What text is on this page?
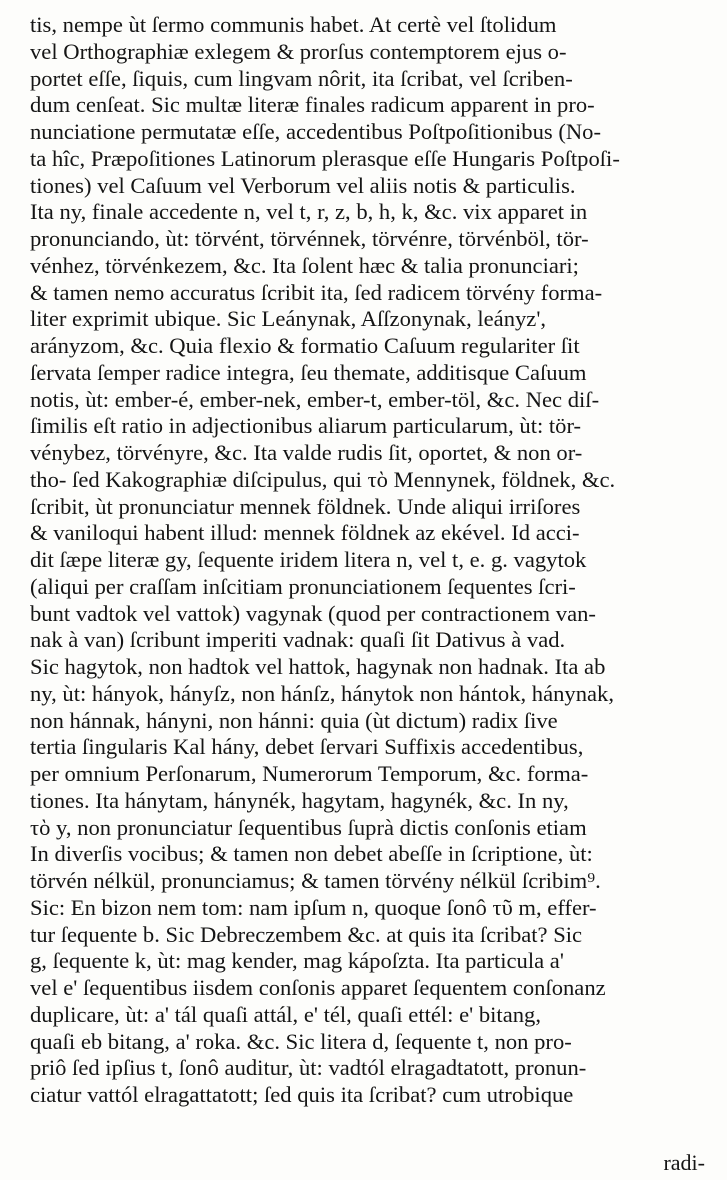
tis, nempe ùt ſermo communis habet. At certè vel ſtolidum
vel Orthographiæ exlegem & prorſus contemptorem ejus o-
portet eſſe, ſiquis, cum lingvam nôrit, ita ſcribat, vel ſcriben-
dum cenſeat. Sic multæ literæ finales radicum apparent in pro-
nunciatione permutatæ eſſe, accedentibus Poſtpoſitionibus (No-
ta hîc, Præpoſitiones Latinorum plerasque eſſe Hungaris Poſtpoſi-
tiones) vel Caſuum vel Verborum vel aliis notis & particulis.
Ita ny, finale accedente n, vel t, r, z, b, h, k, &c. vix apparet in
pronunciando, ùt: törvént, törvénnek, törvénre, törvénböl, tör-
vénhez, törvénkezem, &c. Ita ſolent hæc & talia pronunciari;
& tamen nemo accuratus ſcribit ita, ſed radicem törvény forma-
liter exprimit ubique. Sic Leánynak, Aſſzonynak, leányz',
arányzom, &c. Quia flexio & formatio Caſuum regulariter ſit
ſervata ſemper radice integra, ſeu themate, additisque Caſuum
notis, ùt: ember-é, ember-nek, ember-t, ember-töl, &c. Nec diſ-
ſimilis eſt ratio in adjectionibus aliarum particularum, ùt: tör-
vénybez, törvényre, &c. Ita valde rudis ſit, oportet, & non or-
tho- ſed Kakographiæ diſcipulus, qui τὸ Mennynek, földnek, &c.
ſcribit, ùt pronunciatur mennek földnek. Unde aliqui irriſores
& vaniloqui habent illud: mennek földnek az ekével. Id acci-
dit ſæpe literæ gy, ſequente iridem litera n, vel t, e. g. vagytok
(aliqui per craſſam inſcitiam pronunciationem ſequentes ſcri-
bunt vadtok vel vattok) vagynak (quod per contractionem van-
nak à van) ſcribunt imperiti vadnak: quaſi ſit Dativus à vad.
Sic hagytok, non hadtok vel hattok, hagynak non hadnak. Ita ab
ny, ùt: hányok, hányſz, non hánſz, hánytok non hántok, hánynak,
non hánnak, hányni, non hánni: quia (ùt dictum) radix ſive
tertia ſingularis Kal hány, debet ſervari Suffixis accedentibus,
per omnium Perſonarum, Numerorum Temporum, &c. forma-
tiones. Ita hánytam, hánynék, hagytam, hagynék, &c. In ny,
τὸ y, non pronunciatur ſequentibus ſuprà dictis conſonis etiam
In diverſis vocibus; & tamen non debet abeſſe in ſcriptione, ùt:
törvén nélkül, pronunciamus; & tamen törvény nélkül ſcribim⁹.
Sic: En bizon nem tom: nam ipſum n, quoque ſonô τῦ m, effer-
tur ſequente b. Sic Debreczembem &c. at quis ita ſcribat? Sic
g, ſequente k, ùt: mag kender, mag kápoſzta. Ita particula a'
vel e' ſequentibus iisdem conſonis apparet ſequentem conſonanz
duplicare, ùt: a' tál quaſi attál, e' tél, quaſi ettél: e' bitang,
quaſi eb bitang, a' roka. &c. Sic litera d, ſequente t, non pro-
priô ſed ipſius t, ſonô auditur, ùt: vadtól elragadtatott, pronun-
ciatur vattól elragattatott; ſed quis ita ſcribat? cum utrobique
radi-
